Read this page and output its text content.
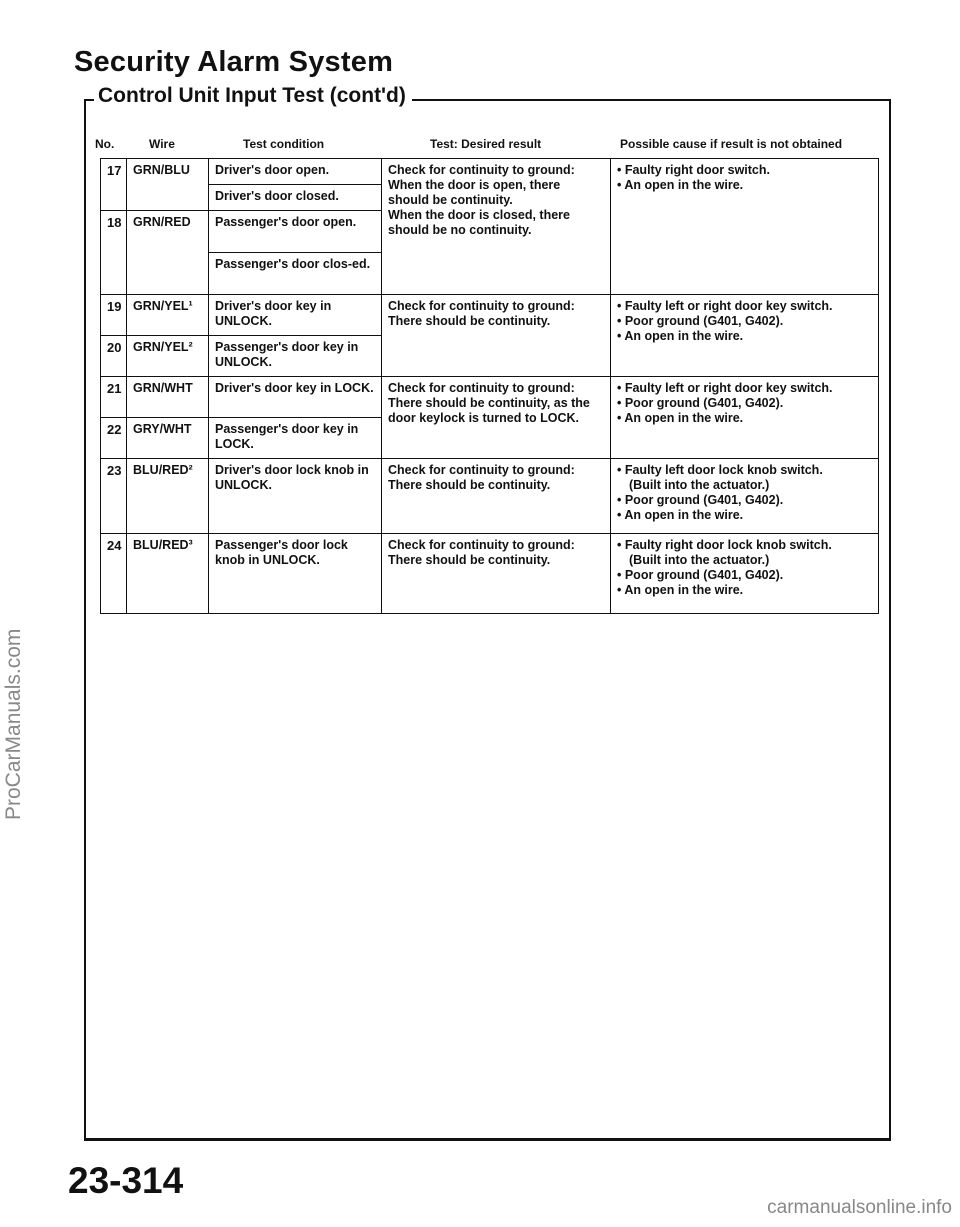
Security Alarm System
Control Unit Input Test (cont'd)

No.	Wire	Test condition	Test: Desired result	Possible cause if result is not obtained

17	GRN/BLU	Driver's door open.	Check for continuity to ground:
When the door is open, there should be continuity.
When the door is closed, there should be no continuity.	• Faulty right door switch.
• An open in the wire.

		Driver's door closed.		
18	GRN/RED	Passenger's door open.		
		Passenger's door clos-ed.		
19	GRN/YEL¹	Driver's door key in UNLOCK.	Check for continuity to ground:
There should be continuity.	• Faulty left or right door key switch.
• Poor ground (G401, G402).
• An open in the wire.

20	GRN/YEL²	Passenger's door key in UNLOCK.		
21	GRN/WHT	Driver's door key in LOCK.	Check for continuity to ground:
There should be continuity, as the door keylock is turned to LOCK.	• Faulty left or right door key switch.
• Poor ground (G401, G402).
• An open in the wire.

22	GRY/WHT	Passenger's door key in LOCK.		
23	BLU/RED²	Driver's door lock knob in UNLOCK.	Check for continuity to ground:
There should be continuity.	• Faulty left door lock knob switch.
(Built into the actuator.)
• Poor ground (G401, G402).
• An open in the wire.

24	BLU/RED³	Passenger's door lock knob in UNLOCK.	Check for continuity to ground:
There should be continuity.	• Faulty right door lock knob switch.
(Built into the actuator.)
• Poor ground (G401, G402).
• An open in the wire.
ProCarManuals.com

23-314

carmanualsonline.info
